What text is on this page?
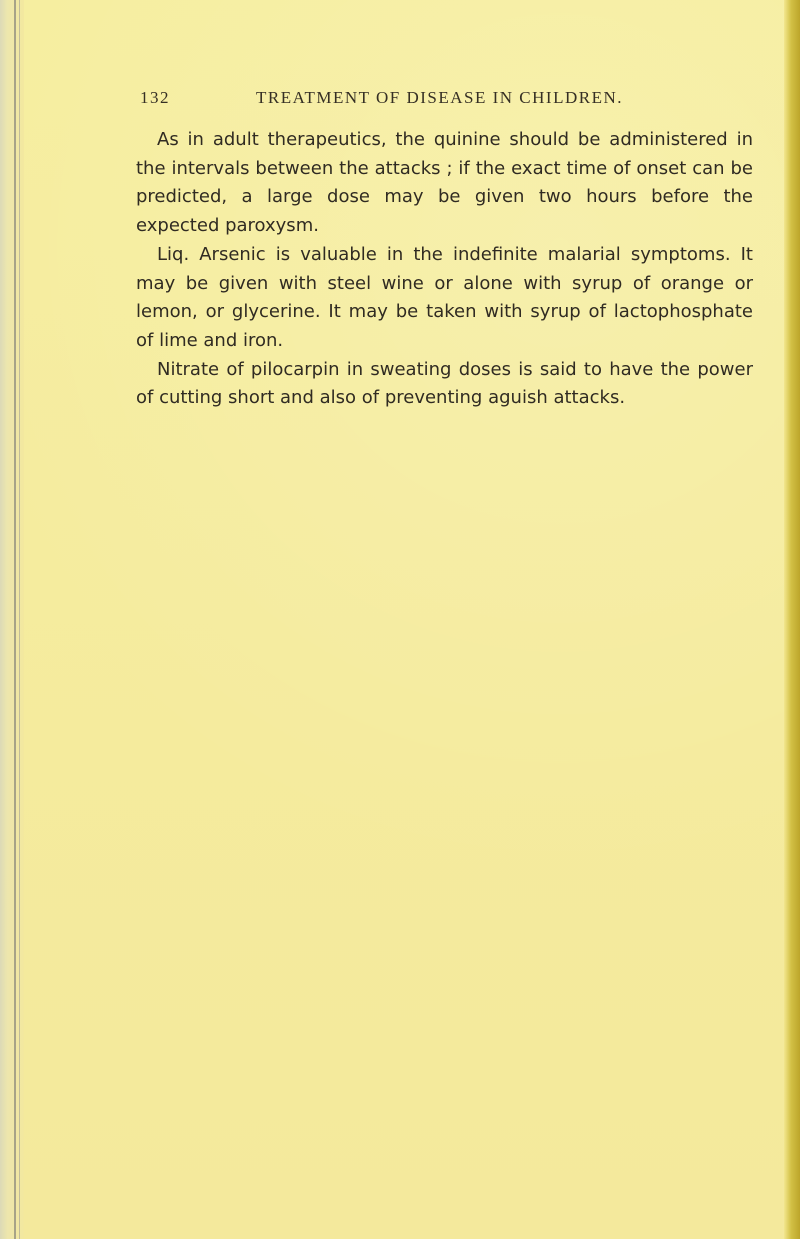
132	TREATMENT OF DISEASE IN CHILDREN.

As in adult therapeutics, the quinine should be administered in the intervals between the attacks ; if the exact time of onset can be predicted, a large dose may be given two hours before the expected paroxysm.

Liq. Arsenic is valuable in the indefinite malarial symptoms. It may be given with steel wine or alone with syrup of orange or lemon, or glycerine. It may be taken with syrup of lactophosphate of lime and iron.

Nitrate of pilocarpin in sweating doses is said to have the power of cutting short and also of preventing aguish attacks.
